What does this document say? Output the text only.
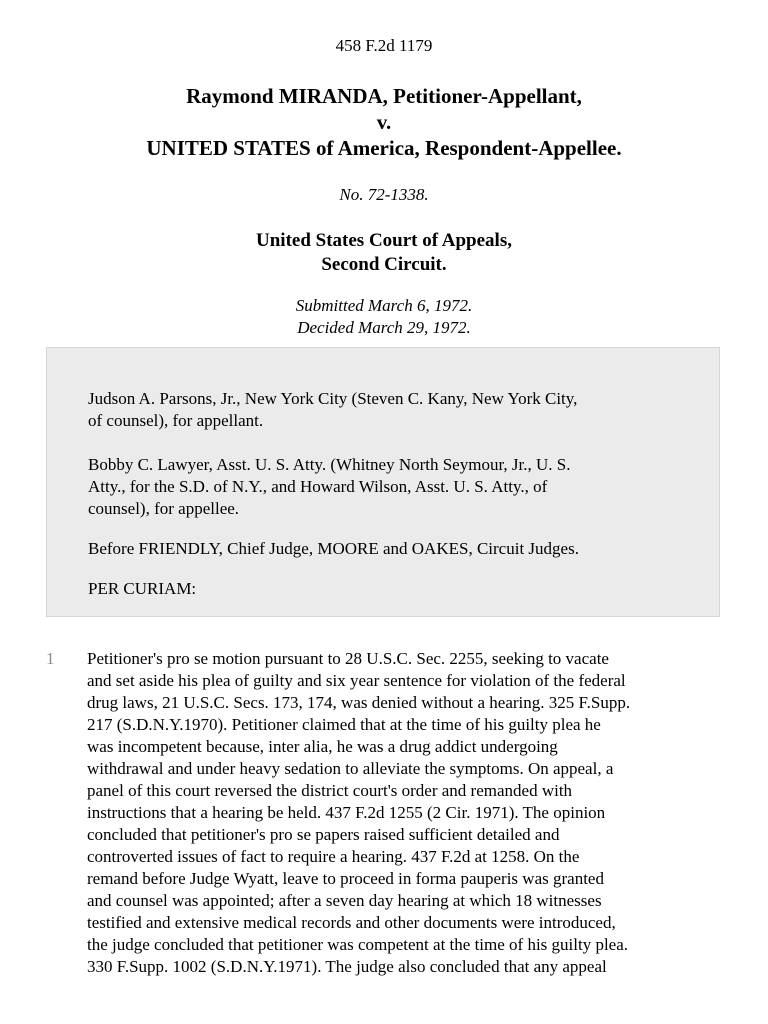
458 F.2d 1179
Raymond MIRANDA, Petitioner-Appellant,
v.
UNITED STATES of America, Respondent-Appellee.
No. 72-1338.
United States Court of Appeals,
Second Circuit.
Submitted March 6, 1972.
Decided March 29, 1972.

Judson A. Parsons, Jr., New York City (Steven C. Kany, New York City,
of counsel), for appellant.

Bobby C. Lawyer, Asst. U. S. Atty. (Whitney North Seymour, Jr., U. S.
Atty., for the S.D. of N.Y., and Howard Wilson, Asst. U. S. Atty., of
counsel), for appellee.

Before FRIENDLY, Chief Judge, MOORE and OAKES, Circuit Judges.

PER CURIAM:

1 Petitioner's pro se motion pursuant to 28 U.S.C. Sec. 2255, seeking to vacate
and set aside his plea of guilty and six year sentence for violation of the federal
drug laws, 21 U.S.C. Secs. 173, 174, was denied without a hearing. 325 F.Supp.
217 (S.D.N.Y.1970). Petitioner claimed that at the time of his guilty plea he
was incompetent because, inter alia, he was a drug addict undergoing
withdrawal and under heavy sedation to alleviate the symptoms. On appeal, a
panel of this court reversed the district court's order and remanded with
instructions that a hearing be held. 437 F.2d 1255 (2 Cir. 1971). The opinion
concluded that petitioner's pro se papers raised sufficient detailed and
controverted issues of fact to require a hearing. 437 F.2d at 1258. On the
remand before Judge Wyatt, leave to proceed in forma pauperis was granted
and counsel was appointed; after a seven day hearing at which 18 witnesses
testified and extensive medical records and other documents were introduced,
the judge concluded that petitioner was competent at the time of his guilty plea.
330 F.Supp. 1002 (S.D.N.Y.1971). The judge also concluded that any appeal
